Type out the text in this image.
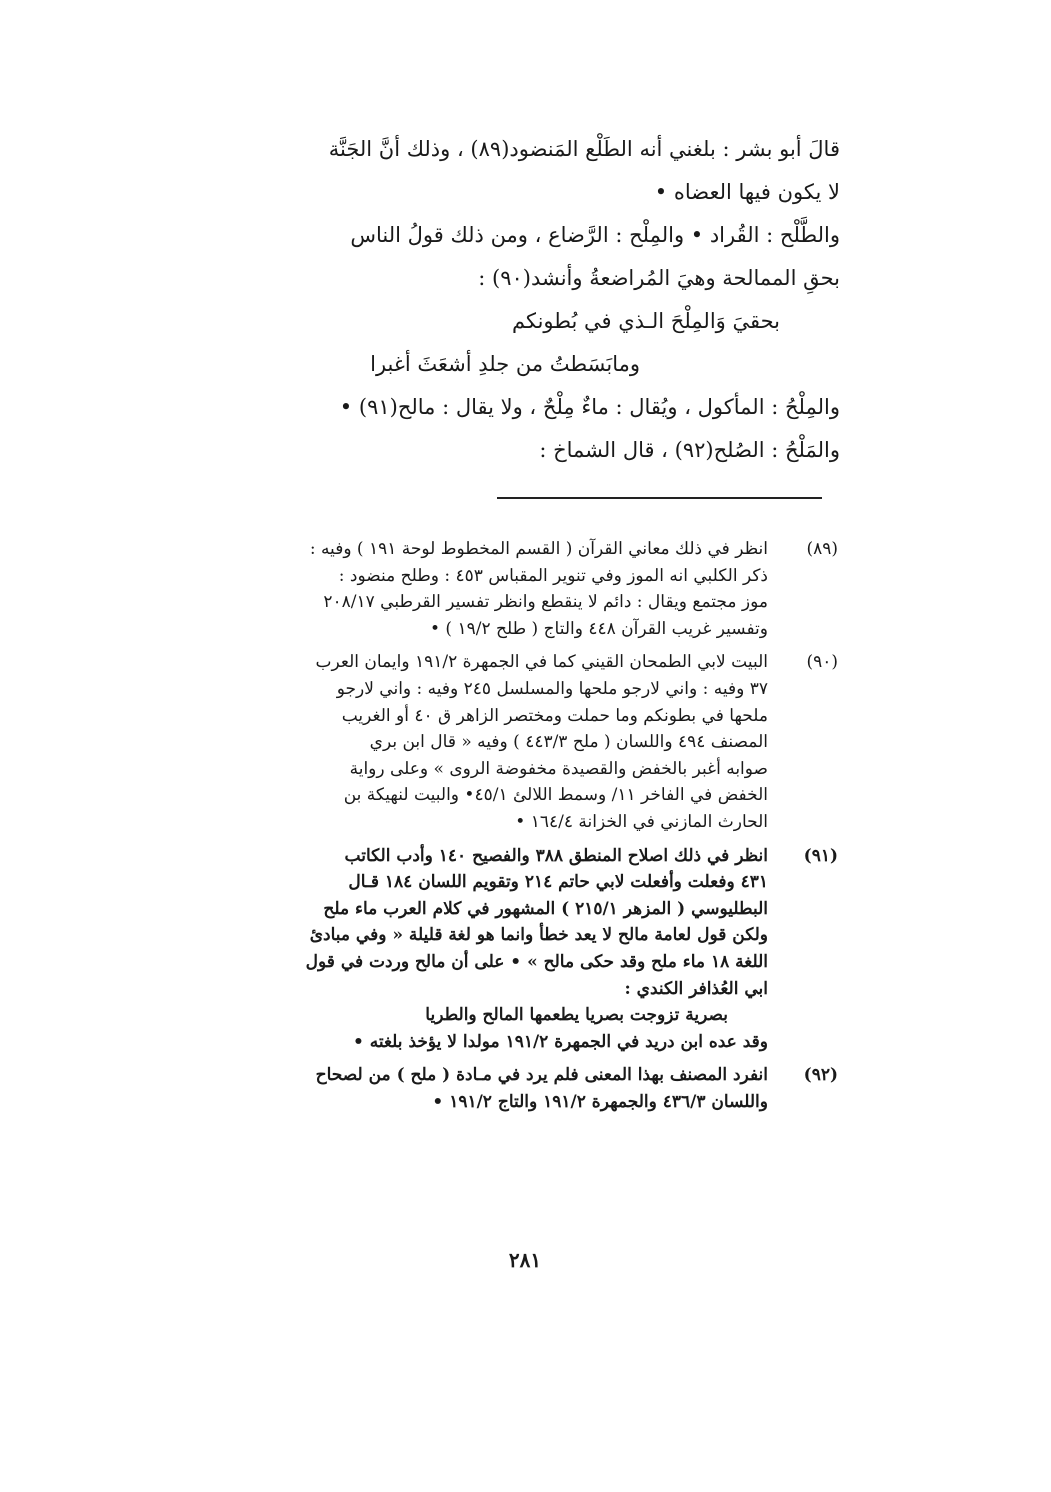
قالَ أبو بشر : بلغني أنه الطَلْع المَنضود(٨٩) ، وذلك أنَّ الجَنَّة
لا يكون فيها العضاه •
والطَّلْح : القُراد • والمِلْح : الرَّضاع ، ومن ذلك قولُ الناس
بحقِ الممالحة وهيَ المُراضعةُ وأنشد(٩٠) :
بحقيَ وَالمِلْحَ الـذي في بُطونكم
ومابَسَطتُ من جلدِ أشعَثَ أغبرا
والمِلْحُ : المأكول ، ويُقال : ماءٌ مِلْحٌ ، ولا يقال : مالح(٩١) •
والمَلْحُ : الصُلح(٩٢) ، قال الشماخ :
(٨٩)
انظر في ذلك معاني القرآن ( القسم المخطوط لوحة ١٩١ ) وفيه :
ذكر الكلبي انه الموز وفي تنوير المقباس ٤٥٣ : وطلح منضود :
موز مجتمع ويقال : دائم لا ينقطع وانظر تفسير القرطبي ٢٠٨/١٧
وتفسير غريب القرآن ٤٤٨ والتاج ( طلح ١٩/٢ ) •
(٩٠)
البيت لابي الطمحان القيني كما في الجمهرة ١٩١/٢ وايمان العرب
٣٧ وفيه : واني لارجو ملحها والمسلسل ٢٤٥ وفيه : واني لارجو
ملحها في بطونكم وما حملت ومختصر الزاهر ق ٤٠ أو الغريب
المصنف ٤٩٤ واللسان ( ملح ٤٤٣/٣ ) وفيه « قال ابن بري
صوابه أغبر بالخفض والقصيدة مخفوضة الروى » وعلى رواية
الخفض في الفاخر ١١/ وسمط اللالئ ٤٥/١• والبيت لنهيكة بن
الحارث المازني في الخزانة ١٦٤/٤ •
(٩١)
انظر في ذلك اصلاح المنطق ٣٨٨ والفصيح ١٤٠ وأدب الكاتب
٤٣١ وفعلت وأفعلت لابي حاتم ٢١٤ وتقويم اللسان ١٨٤ قـال
البطليوسي ( المزهر ٢١٥/١ ) المشهور في كلام العرب ماء ملح
ولكن قول لعامة مالح لا يعد خطأ وانما هو لغة قليلة « وفي مبادئ
اللغة ١٨ ماء ملح وقد حكى مالح » • على أن مالح وردت في قول
ابي العُذافر الكندي :
بصرية تزوجت بصريا يطعمها المالح والطريا
وقد عده ابن دريد في الجمهرة ١٩١/٢ مولدا لا يؤخذ بلغته •
(٩٢)
انفرد المصنف بهذا المعنى فلم يرد في مـادة ( ملح ) من لصحاح
واللسان ٤٣٦/٣ والجمهرة ١٩١/٢ والتاج ١٩١/٢ •
٢٨١
